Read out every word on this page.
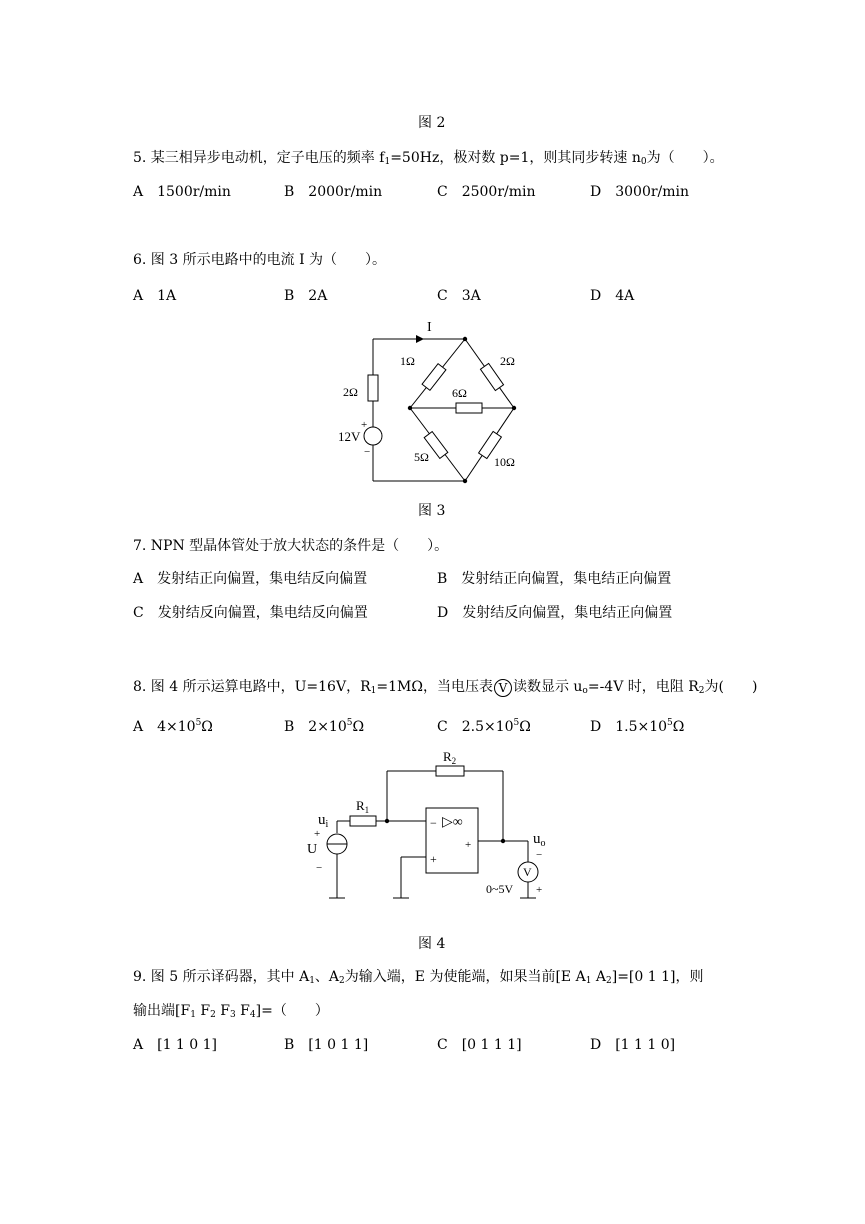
图 2
5. 某三相异步电动机，定子电压的频率 $f_1=50Hz$，极对数 p=1，则其同步转速 $n_0$为（　　）。
A　1500r/min	B　2000r/min	C　2500r/min	D　3000r/min
6. 图 3 所示电路中的电流 I 为（　　）。
A　1A	B　2A	C　3A	D　4A
I
1Ω	2Ω
6Ω
5Ω	10Ω
2Ω
12V
+
−
图 3
7. NPN 型晶体管处于放大状态的条件是（　　）。
A　发射结正向偏置，集电结反向偏置	B　发射结正向偏置，集电结正向偏置
C　发射结反向偏置，集电结反向偏置	D　发射结反向偏置，集电结正向偏置
8. 图 4 所示运算电路中，U=16V，$R_1=1M\Omega$，当电压表 V 读数显示 $u_o=-4V$ 时，电阻 $R_2$为(　　)
A　$4\times 10^5\Omega$	B　$2\times 10^5\Omega$	C　$2.5\times 10^5\Omega$	D　$1.5\times 10^5\Omega$
$R_2$
$R_1$
$u_i$
+
U
−
▷∞
−
+
+	$u_o$
−
V
0~5V +
图 4
9. 图 5 所示译码器，其中 $A_1$、$A_2$为输入端，E 为使能端，如果当前[E $A_1$ $A_2]=[0$ 1 1]，则
输出端[$F_1$ $F_2$ $F_3$ $F_4]=$（　　）
A　[1 1 0 1]	B　[1 0 1 1]	C　[0 1 1 1]	D　[1 1 1 0]
